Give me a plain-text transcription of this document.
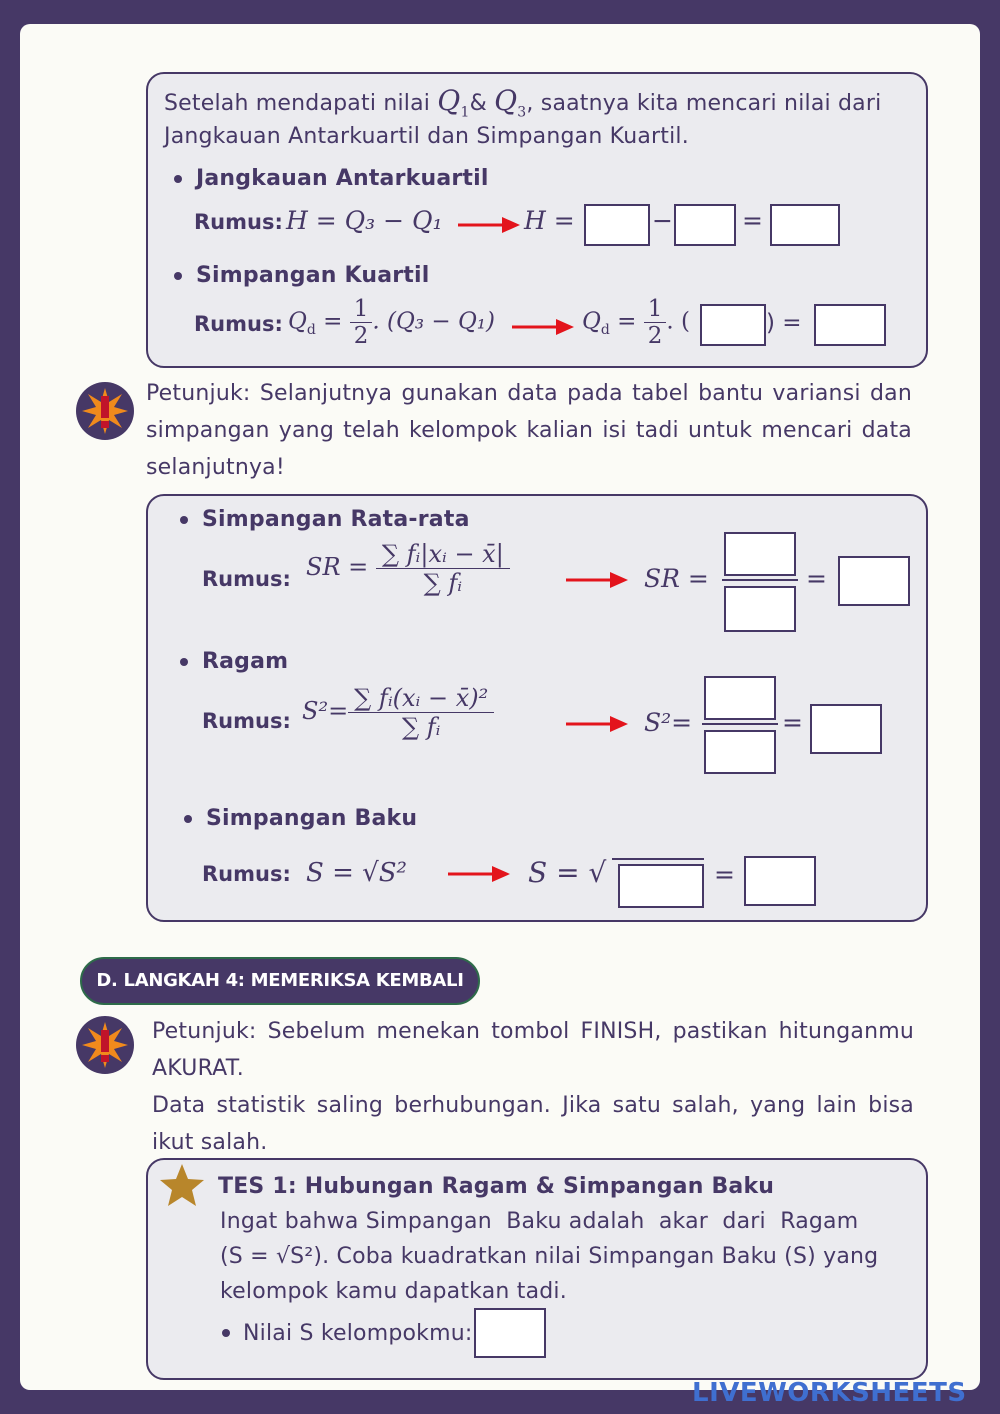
Setelah mendapati nilai $Q_1\&$ $Q_3$, saatnya kita mencari nilai dari
Jangkauan Antarkuartil dan Simpangan Kuartil.
Jangkauan Antarkuartil
Rumus: H = Q₃ − Q₁	H =	−	=
Simpangan Kuartil
Rumus: $Q_d = \frac{1}{2}$ . (Q₃ − Q₁)	$Q_d = \frac{1}{2}$ . (	) =
Petunjuk: Selanjutnya gunakan data pada tabel bantu variansi dan simpangan yang telah kelompok kalian isi tadi untuk mencari data selanjutnya!
Simpangan Rata-rata
Rumus: SR = $\frac{\text{∑ fᵢ|xᵢ − x̄|}}{\text{∑ fᵢ}}$	SR =	=
Ragam
Rumus: $S^2= \frac{\text{∑ fᵢ(xᵢ − x̄)²}}{\text{∑ fᵢ}}$	S²=	=
Simpangan Baku
Rumus: S = √S²	S = √	=
D. LANGKAH 4: MEMERIKSA KEMBALI
Petunjuk: Sebelum menekan tombol FINISH, pastikan hitunganmu AKURAT.
Data statistik saling berhubungan. Jika satu salah, yang lain bisa ikut salah.
TES 1: Hubungan Ragam & Simpangan Baku
Ingat bahwa Simpangan  Baku adalah  akar  dari  Ragam
(S = √S²). Coba kuadratkan nilai Simpangan Baku (S) yang
kelompok kamu dapatkan tadi.
Nilai S kelompokmu:
LIVEWORKSHEETS
